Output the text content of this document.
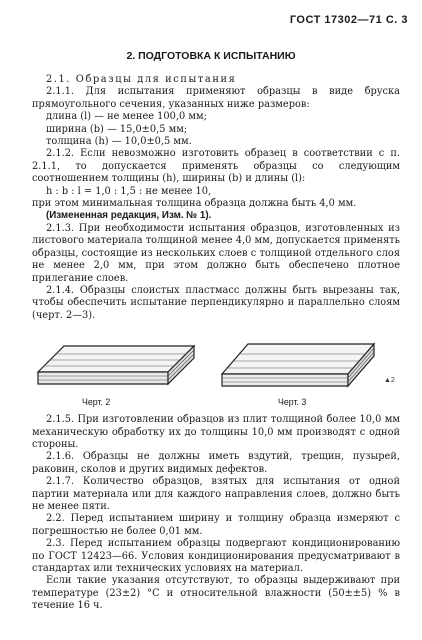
ГОСТ 17302—71 С. 3
2. ПОДГОТОВКА К ИСПЫТАНИЮ

2.1. Образцы для испытания

2.1.1. Для испытания применяют образцы в виде бруска прямоугольного сечения, указанных ниже размеров:

длина (l) — не менее 100,0 мм;
ширина (b) — 15,0±0,5 мм;
толщина (h) — 10,0±0,5 мм.

2.1.2. Если невозможно изготовить образец в соответствии с п. 2.1.1, то допускается применять образцы со следующим соотношением толщины (h), ширины (b) и длины (l):

h : b : l = 1,0 : 1,5 : не менее 10,

при этом минимальная толщина образца должна быть 4,0 мм.

(Измененная редакция, Изм. № 1).

2.1.3. При необходимости испытания образцов, изготовленных из листового материала толщиной менее 4,0 мм, допускается применять образцы, состоящие из нескольких слоев с толщиной отдельного слоя не менее 2,0 мм, при этом должно быть обеспечено плотное прилегание слоев.

2.1.4. Образцы слоистых пластмасс должны быть вырезаны так, чтобы обеспечить испытание перпендикулярно и параллельно слоям (черт. 2—3).

▲2
Черт. 2	Черт. 3

2.1.5. При изготовлении образцов из плит толщиной более 10,0 мм механическую обработку их до толщины 10,0 мм производят с одной стороны.

2.1.6. Образцы не должны иметь вздутий, трещин, пузырей, раковин, сколов и других видимых дефектов.

2.1.7. Количество образцов, взятых для испытания от одной партии материала или для каждого направления слоев, должно быть не менее пяти.

2.2. Перед испытанием ширину и толщину образца измеряют с погрешностью не более 0,01 мм.

2.3. Перед испытанием образцы подвергают кондиционированию по ГОСТ 12423—66. Условия кондиционирования предусматривают в стандартах или технических условиях на материал.

Если такие указания отсутствуют, то образцы выдерживают при температуре (23±2) °С и относительной влажности (50±±5) % в течение 16 ч.
